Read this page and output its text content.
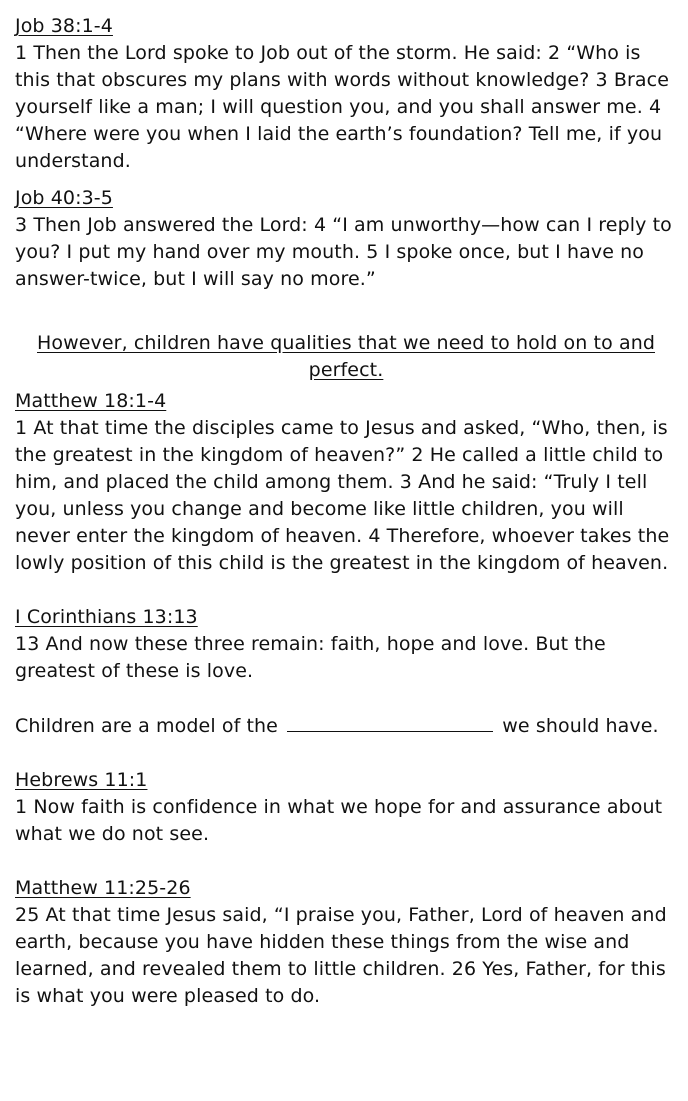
Job 38:1-4
1 Then the Lord spoke to Job out of the storm. He said: 2 “Who is this that obscures my plans with words without knowledge? 3 Brace yourself like a man; I will question you, and you shall answer me. 4 “Where were you when I laid the earth’s foundation? Tell me, if you understand.
Job 40:3-5
3 Then Job answered the Lord: 4 “I am unworthy—how can I reply to you? I put my hand over my mouth. 5 I spoke once, but I have no answer-twice, but I will say no more.”
However, children have qualities that we need to hold on to and perfect.
Matthew 18:1-4
1 At that time the disciples came to Jesus and asked, “Who, then, is the greatest in the kingdom of heaven?” 2 He called a little child to him, and placed the child among them. 3 And he said: “Truly I tell you, unless you change and become like little children, you will never enter the kingdom of heaven. 4 Therefore, whoever takes the lowly position of this child is the greatest in the kingdom of heaven.
I Corinthians 13:13
13 And now these three remain: faith, hope and love. But the greatest of these is love.
Children are a model of the	we should have.
Hebrews 11:1
1 Now faith is confidence in what we hope for and assurance about what we do not see.
Matthew 11:25-26
25 At that time Jesus said, “I praise you, Father, Lord of heaven and earth, because you have hidden these things from the wise and learned, and revealed them to little children. 26 Yes, Father, for this is what you were pleased to do.
